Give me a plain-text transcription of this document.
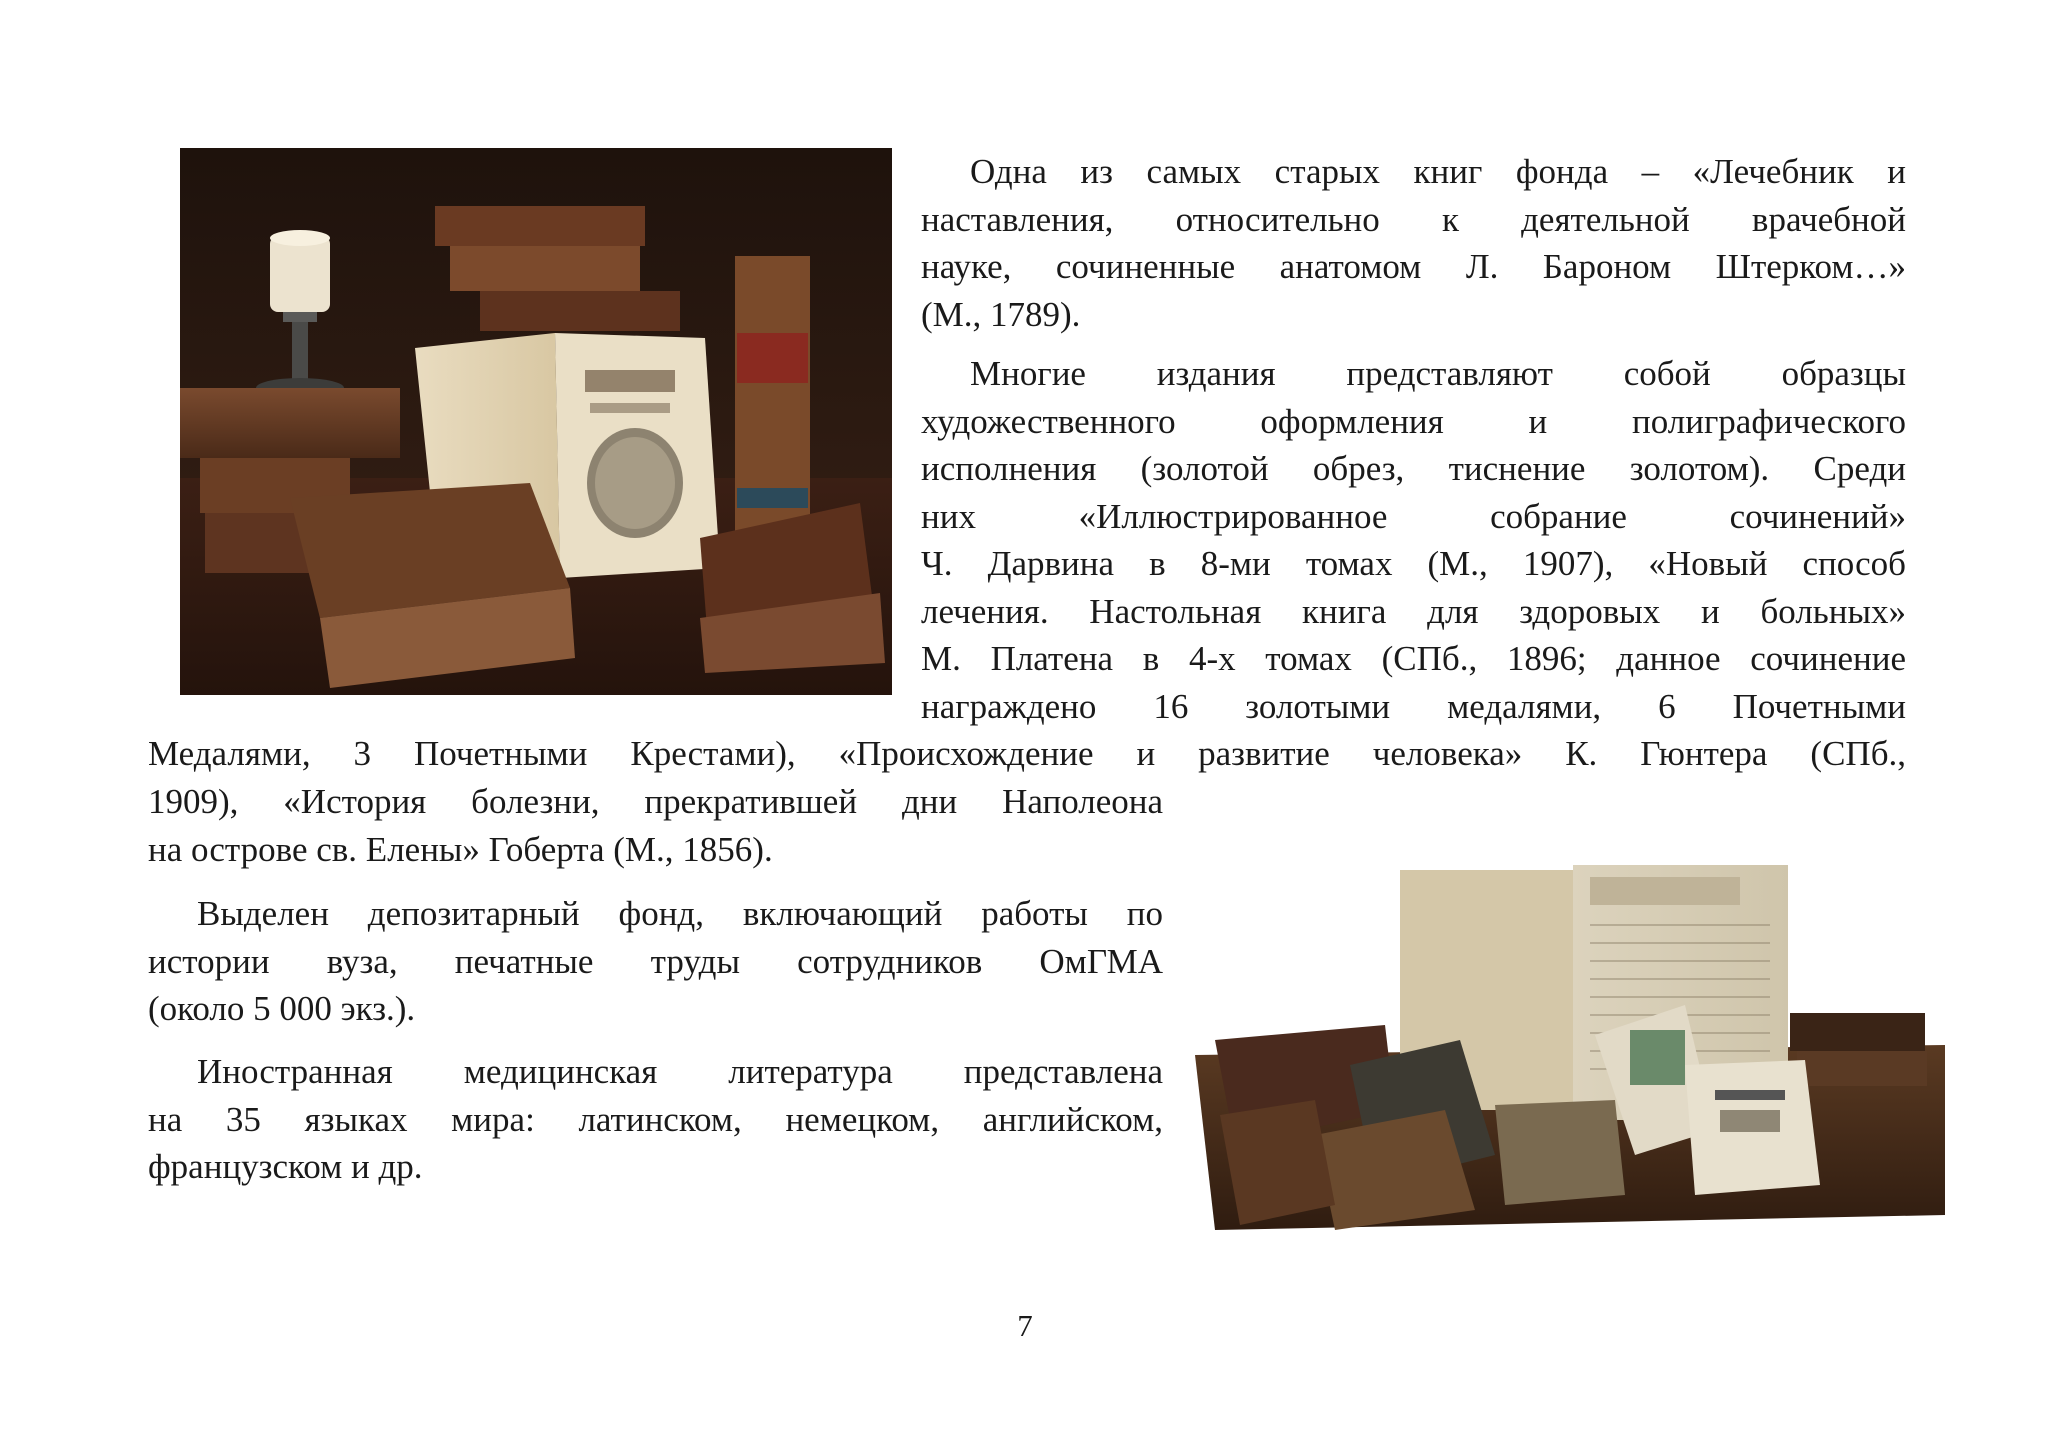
Одна из самых старых книг фонда – «Лечебник и
наставления, относительно к деятельной врачебной
науке, сочиненные анатомом Л. Бароном Штерком…»
(М., 1789).
Многие издания представляют собой образцы
художественного оформления и полиграфического
исполнения (золотой обрез, тиснение золотом). Среди
них «Иллюстрированное собрание сочинений»
Ч. Дарвина в 8-ми томах (М., 1907), «Новый способ
лечения. Настольная книга для здоровых и больных»
М. Платена в 4-х томах (СПб., 1896; данное сочинение
награждено 16 золотыми медалями, 6 Почетными
Медалями, 3 Почетными Крестами), «Происхождение и развитие человека» К. Гюнтера (СПб.,
1909), «История болезни, прекратившей дни Наполеона
на острове св. Елены» Гоберта (М., 1856).
Выделен депозитарный фонд, включающий работы по
истории вуза, печатные труды сотрудников ОмГМА
(около 5 000 экз.).
Иностранная медицинская литература представлена
на 35 языках мира: латинском, немецком, английском,
французском и др.
7
